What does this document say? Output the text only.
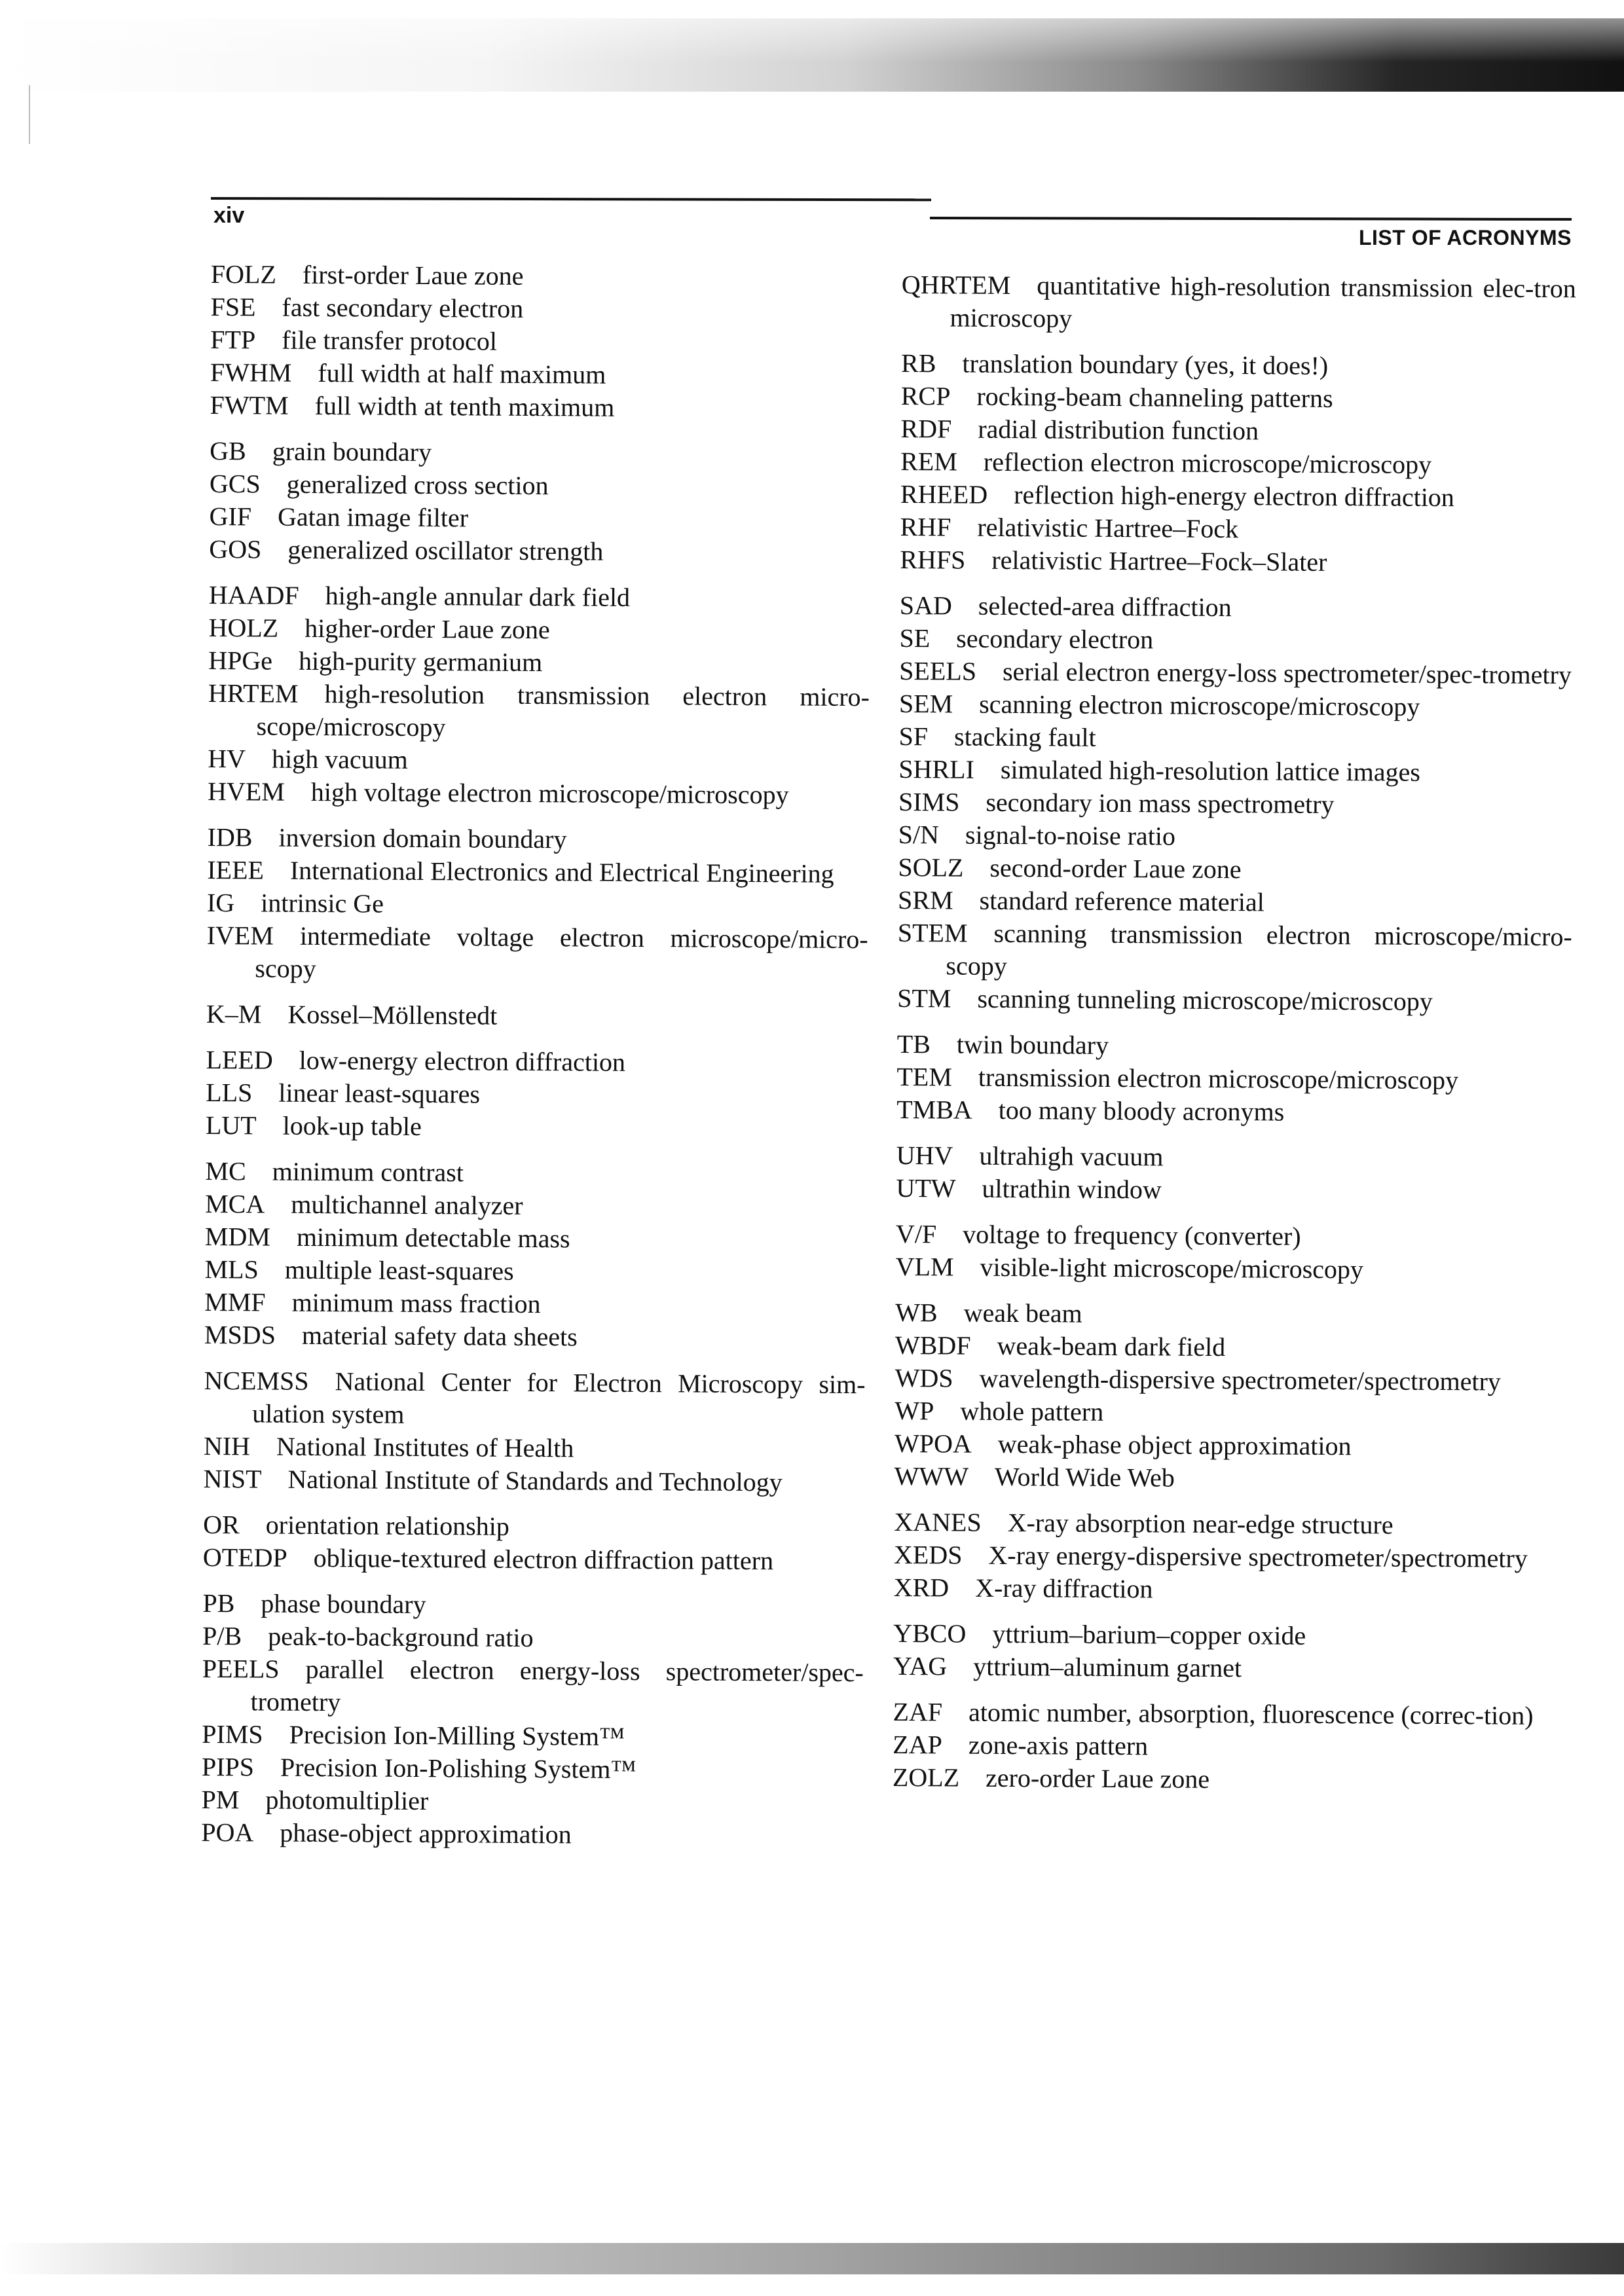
xiv
LIST OF ACRONYMS
FOLZ   first-order Laue zone
FSE   fast secondary electron
FTP   file transfer protocol
FWHM   full width at half maximum
FWTM   full width at tenth maximum
GB   grain boundary
GCS   generalized cross section
GIF   Gatan image filter
GOS   generalized oscillator strength
HAADF   high-angle annular dark field
HOLZ   higher-order Laue zone
HPGe   high-purity germanium
HRTEM   high-resolution transmission electron micro-scope/microscopy
HV   high vacuum
HVEM   high voltage electron microscope/microscopy
IDB   inversion domain boundary
IEEE   International Electronics and Electrical Engineering
IG   intrinsic Ge
IVEM   intermediate voltage electron microscope/micro-scopy
K–M   Kossel–Möllenstedt
LEED   low-energy electron diffraction
LLS   linear least-squares
LUT   look-up table
MC   minimum contrast
MCA   multichannel analyzer
MDM   minimum detectable mass
MLS   multiple least-squares
MMF   minimum mass fraction
MSDS   material safety data sheets
NCEMSS   National Center for Electron Microscopy sim-ulation system
NIH   National Institutes of Health
NIST   National Institute of Standards and Technology
OR   orientation relationship
OTEDP   oblique-textured electron diffraction pattern
PB   phase boundary
P/B   peak-to-background ratio
PEELS   parallel electron energy-loss spectrometer/spec-trometry
PIMS   Precision Ion-Milling System™
PIPS   Precision Ion-Polishing System™
PM   photomultiplier
POA   phase-object approximation
QHRTEM   quantitative high-resolution transmission elec-tron microscopy
RB   translation boundary (yes, it does!)
RCP   rocking-beam channeling patterns
RDF   radial distribution function
REM   reflection electron microscope/microscopy
RHEED   reflection high-energy electron diffraction
RHF   relativistic Hartree–Fock
RHFS   relativistic Hartree–Fock–Slater
SAD   selected-area diffraction
SE   secondary electron
SEELS   serial electron energy-loss spectrometer/spec-trometry
SEM   scanning electron microscope/microscopy
SF   stacking fault
SHRLI   simulated high-resolution lattice images
SIMS   secondary ion mass spectrometry
S/N   signal-to-noise ratio
SOLZ   second-order Laue zone
SRM   standard reference material
STEM   scanning transmission electron microscope/micro-scopy
STM   scanning tunneling microscope/microscopy
TB   twin boundary
TEM   transmission electron microscope/microscopy
TMBA   too many bloody acronyms
UHV   ultrahigh vacuum
UTW   ultrathin window
V/F   voltage to frequency (converter)
VLM   visible-light microscope/microscopy
WB   weak beam
WBDF   weak-beam dark field
WDS   wavelength-dispersive spectrometer/spectrometry
WP   whole pattern
WPOA   weak-phase object approximation
WWW   World Wide Web
XANES   X-ray absorption near-edge structure
XEDS   X-ray energy-dispersive spectrometer/spectrometry
XRD   X-ray diffraction
YBCO   yttrium–barium–copper oxide
YAG   yttrium–aluminum garnet
ZAF   atomic number, absorption, fluorescence (correc-tion)
ZAP   zone-axis pattern
ZOLZ   zero-order Laue zone
